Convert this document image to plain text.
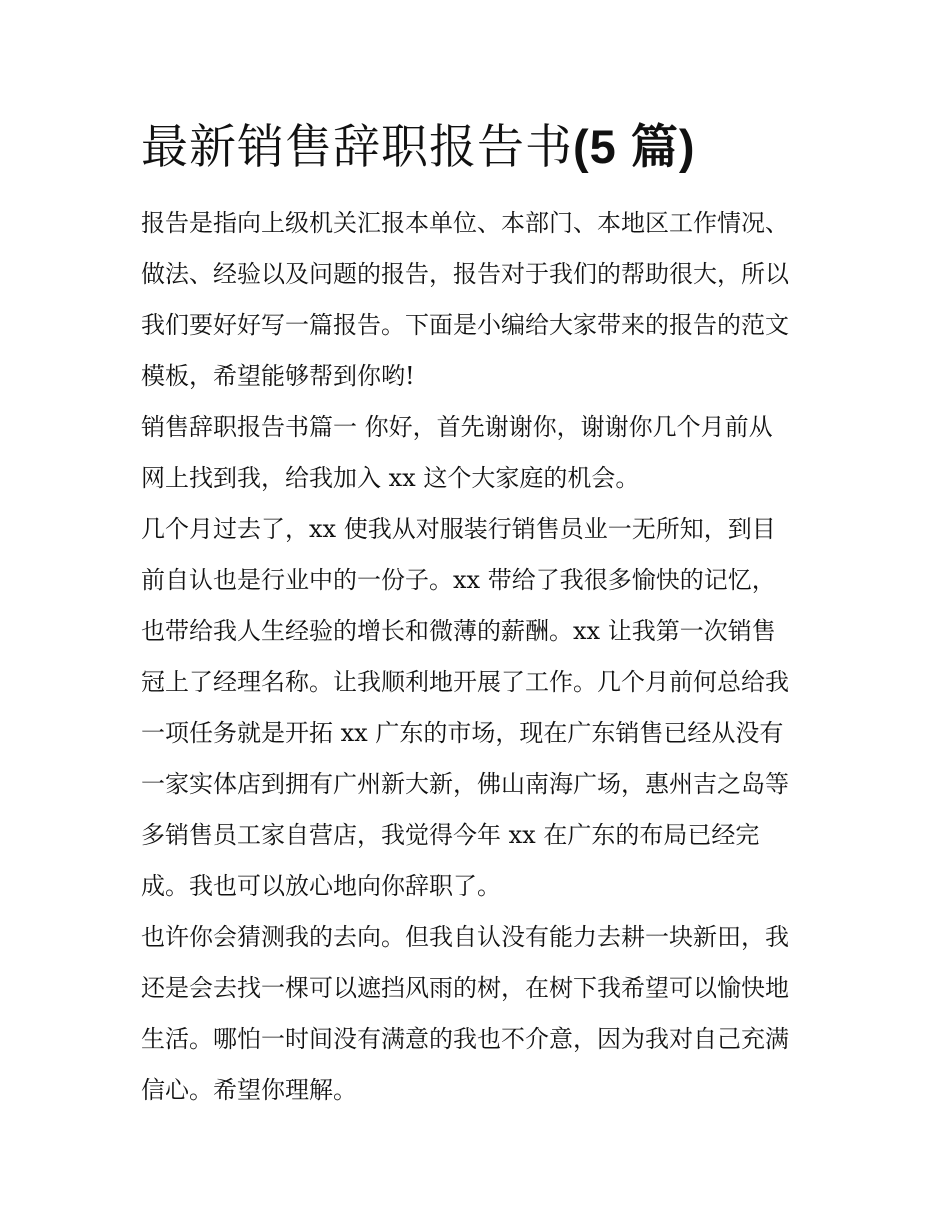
最新销售辞职报告书(5 篇)

报告是指向上级机关汇报本单位、本部门、本地区工作情况、
做法、经验以及问题的报告，报告对于我们的帮助很大，所以
我们要好好写一篇报告。下面是小编给大家带来的报告的范文
模板，希望能够帮到你哟!

销售辞职报告书篇一 你好，首先谢谢你，谢谢你几个月前从
网上找到我，给我加入 xx 这个大家庭的机会。

几个月过去了，xx 使我从对服装行销售员业一无所知，到目
前自认也是行业中的一份子。xx 带给了我很多愉快的记忆，
也带给我人生经验的增长和微薄的薪酬。xx 让我第一次销售
冠上了经理名称。让我顺利地开展了工作。几个月前何总给我
一项任务就是开拓 xx 广东的市场，现在广东销售已经从没有
一家实体店到拥有广州新大新，佛山南海广场，惠州吉之岛等
多销售员工家自营店，我觉得今年 xx 在广东的布局已经完
成。我也可以放心地向你辞职了。

也许你会猜测我的去向。但我自认没有能力去耕一块新田，我
还是会去找一棵可以遮挡风雨的树，在树下我希望可以愉快地
生活。哪怕一时间没有满意的我也不介意，因为我对自己充满
信心。希望你理解。
